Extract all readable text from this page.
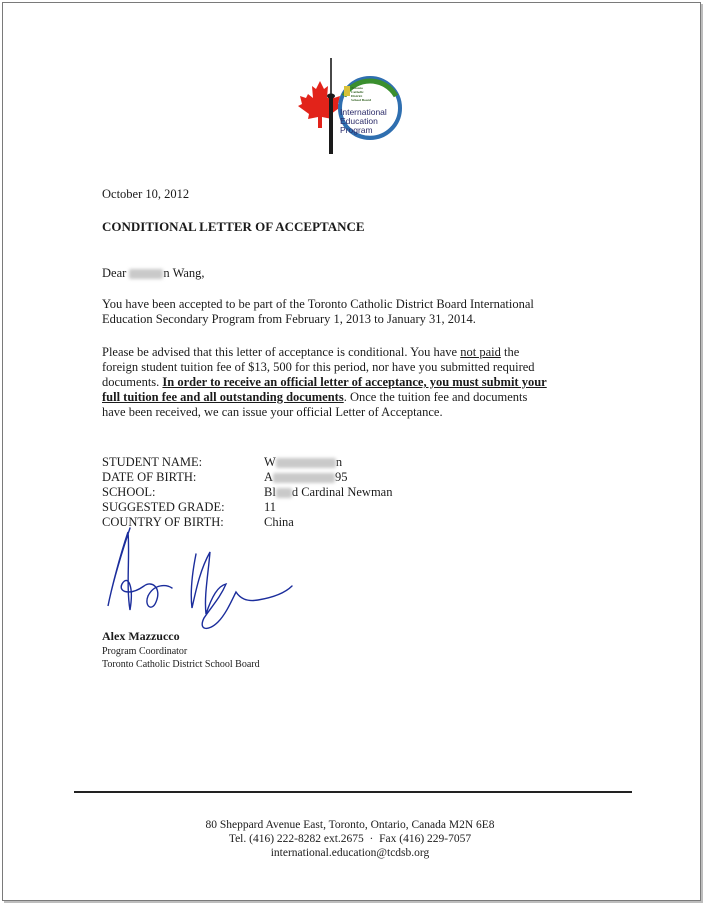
Toronto
Catholic
District
School Board
International
Education
Program
October 10, 2012
CONDITIONAL LETTER OF ACCEPTANCE
Dear	n Wang,
You have been accepted to be part of the Toronto Catholic District Board International
Education Secondary Program from February 1, 2013 to January 31, 2014.
Please be advised that this letter of acceptance is conditional. You have not paid the
foreign student tuition fee of $13, 500 for this period, nor have you submitted required
documents. In order to receive an official letter of acceptance, you must submit your
full tuition fee and all outstanding documents. Once the tuition fee and documents
have been received, we can issue your official Letter of Acceptance.
STUDENT NAME:	W	n
DATE OF BIRTH:	A	95
SCHOOL:	Bl d Cardinal Newman
SUGGESTED GRADE:	11
COUNTRY OF BIRTH:	China
Alex Mazzucco
Program Coordinator
Toronto Catholic District School Board
80 Sheppard Avenue East, Toronto, Ontario, Canada M2N 6E8
Tel. (416) 222-8282 ext.2675 · Fax (416) 229-7057
international.education@tcdsb.org
